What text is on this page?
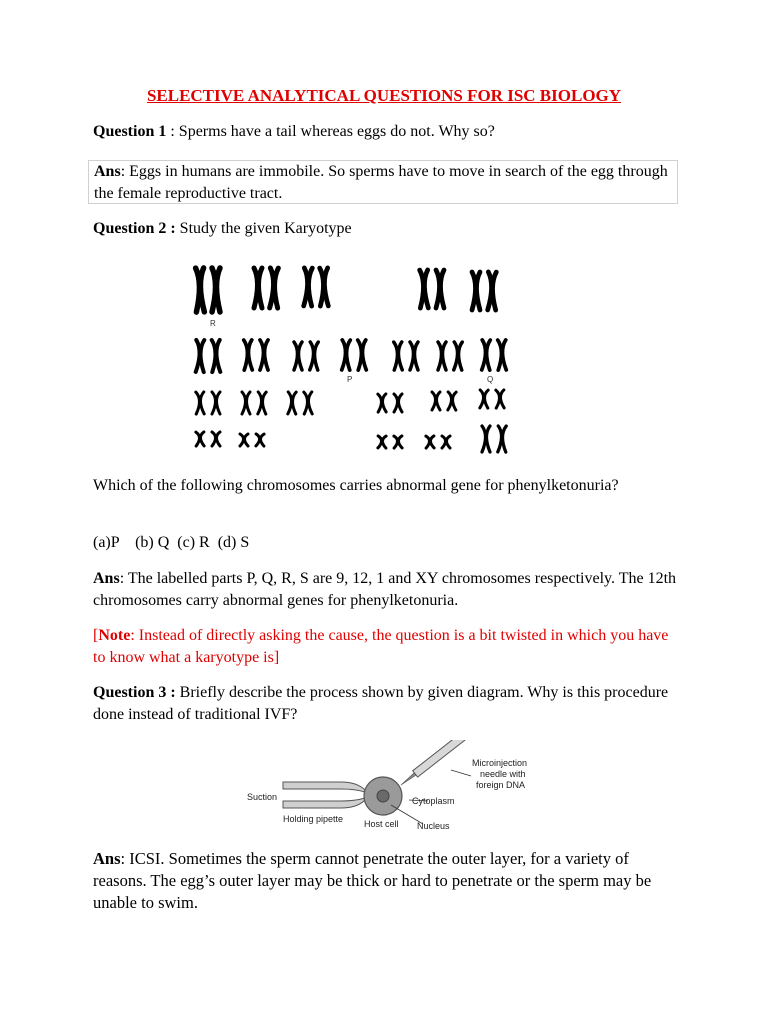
SELECTIVE ANALYTICAL QUESTIONS FOR ISC BIOLOGY
Question 1 : Sperms have a tail whereas eggs do not. Why so?
Ans: Eggs in humans are immobile. So sperms have to move in search of the egg through the female reproductive tract.
Question 2 : Study the given Karyotype
R
P	Q
Which of the following chromosomes carries abnormal gene for phenylketonuria?
(a)P    (b) Q  (c) R  (d) S
Ans: The labelled parts P, Q, R, S are 9, 12, 1 and XY chromosomes respectively. The 12th chromosomes carry abnormal genes for phenylketonuria.
[Note: Instead of directly asking the cause, the question is a bit twisted in which you have to know what a karyotype is]
Question 3 : Briefly describe the process shown by given diagram. Why is this procedure done instead of traditional IVF?
Suction
Holding pipette Host cell Nucleus
Cytoplasm
Microinjection
needle with
foreign DNA
Ans: ICSI. Sometimes the sperm cannot penetrate the outer layer, for a variety of reasons. The egg’s outer layer may be thick or hard to penetrate or the sperm may be unable to swim.
